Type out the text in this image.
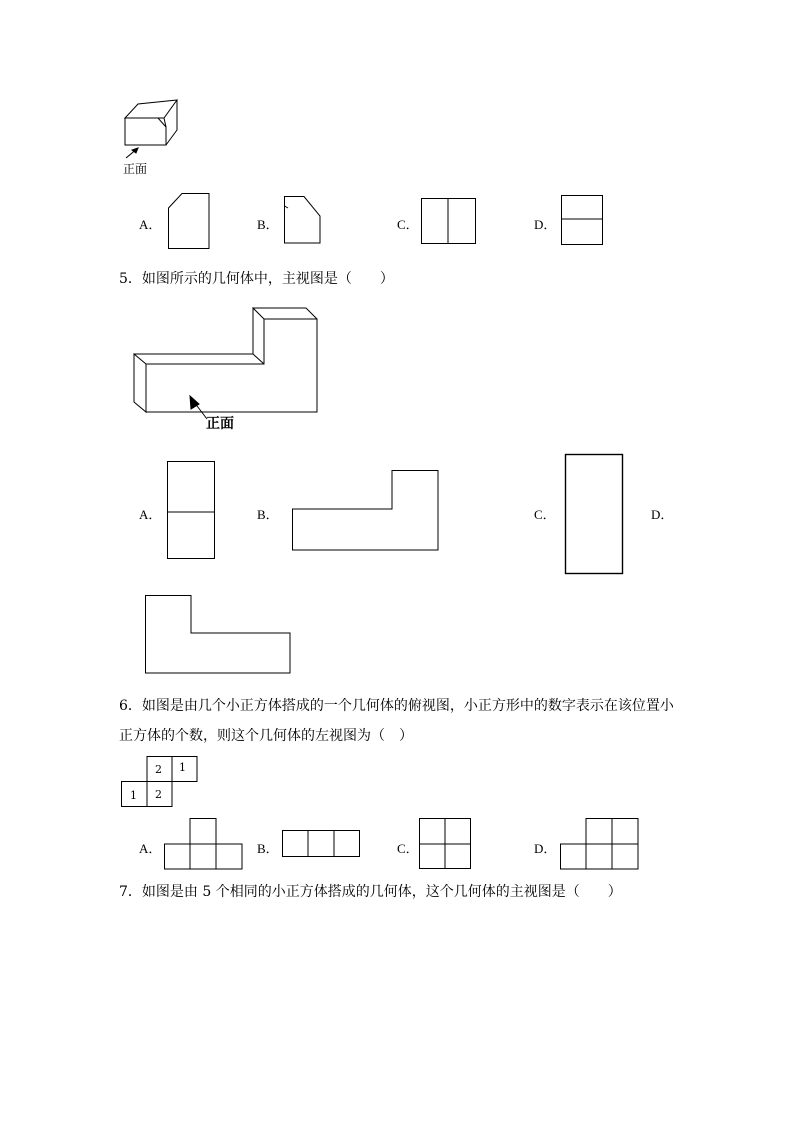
正面
A．	B．	C．	D．
5．如图所示的几何体中，主视图是（　　）
正面
A．	B．	C．	D．
6．如图是由几个小正方体搭成的一个几何体的俯视图，小正方形中的数字表示在该位置小
正方体的个数，则这个几何体的左视图为（　）
2 1
1 2
A．	B．	C．	D．
7．如图是由 5 个相同的小正方体搭成的几何体，这个几何体的主视图是（　　）
